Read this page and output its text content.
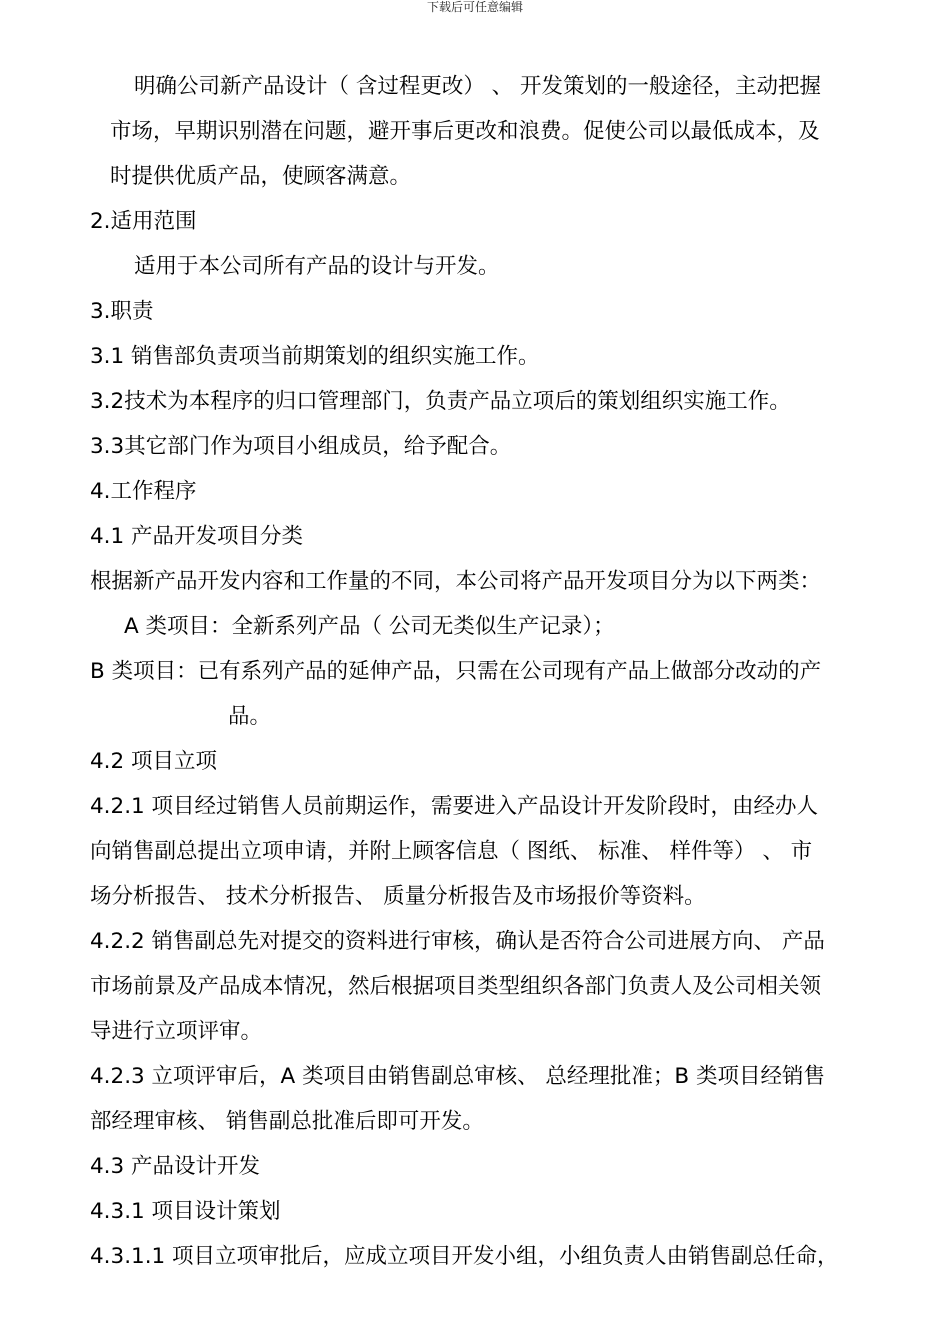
下载后可任意编辑

明确公司新产品设计（ 含过程更改） 、 开发策划的一般途径，主动把握

市场，早期识别潜在问题，避开事后更改和浪费。促使公司以最低成本，及

时提供优质产品，使顾客满意。

2.适用范围

适用于本公司所有产品的设计与开发。

3.职责

3.1 销售部负责项当前期策划的组织实施工作。

3.2技术为本程序的归口管理部门，负责产品立项后的策划组织实施工作。

3.3其它部门作为项目小组成员，给予配合。

4.工作程序

4.1 产品开发项目分类

根据新产品开发内容和工作量的不同，本公司将产品开发项目分为以下两类：

A 类项目：全新系列产品（ 公司无类似生产记录）；

B 类项目：已有系列产品的延伸产品，只需在公司现有产品上做部分改动的产

品。

4.2 项目立项

4.2.1 项目经过销售人员前期运作，需要进入产品设计开发阶段时，由经办人

向销售副总提出立项申请，并附上顾客信息（ 图纸、 标准、 样件等） 、 市

场分析报告、 技术分析报告、 质量分析报告及市场报价等资料。

4.2.2 销售副总先对提交的资料进行审核，确认是否符合公司进展方向、 产品

市场前景及产品成本情况，然后根据项目类型组织各部门负责人及公司相关领

导进行立项评审。

4.2.3 立项评审后，A 类项目由销售副总审核、 总经理批准；B 类项目经销售

部经理审核、 销售副总批准后即可开发。

4.3 产品设计开发

4.3.1 项目设计策划

4.3.1.1 项目立项审批后，应成立项目开发小组，小组负责人由销售副总任命，
